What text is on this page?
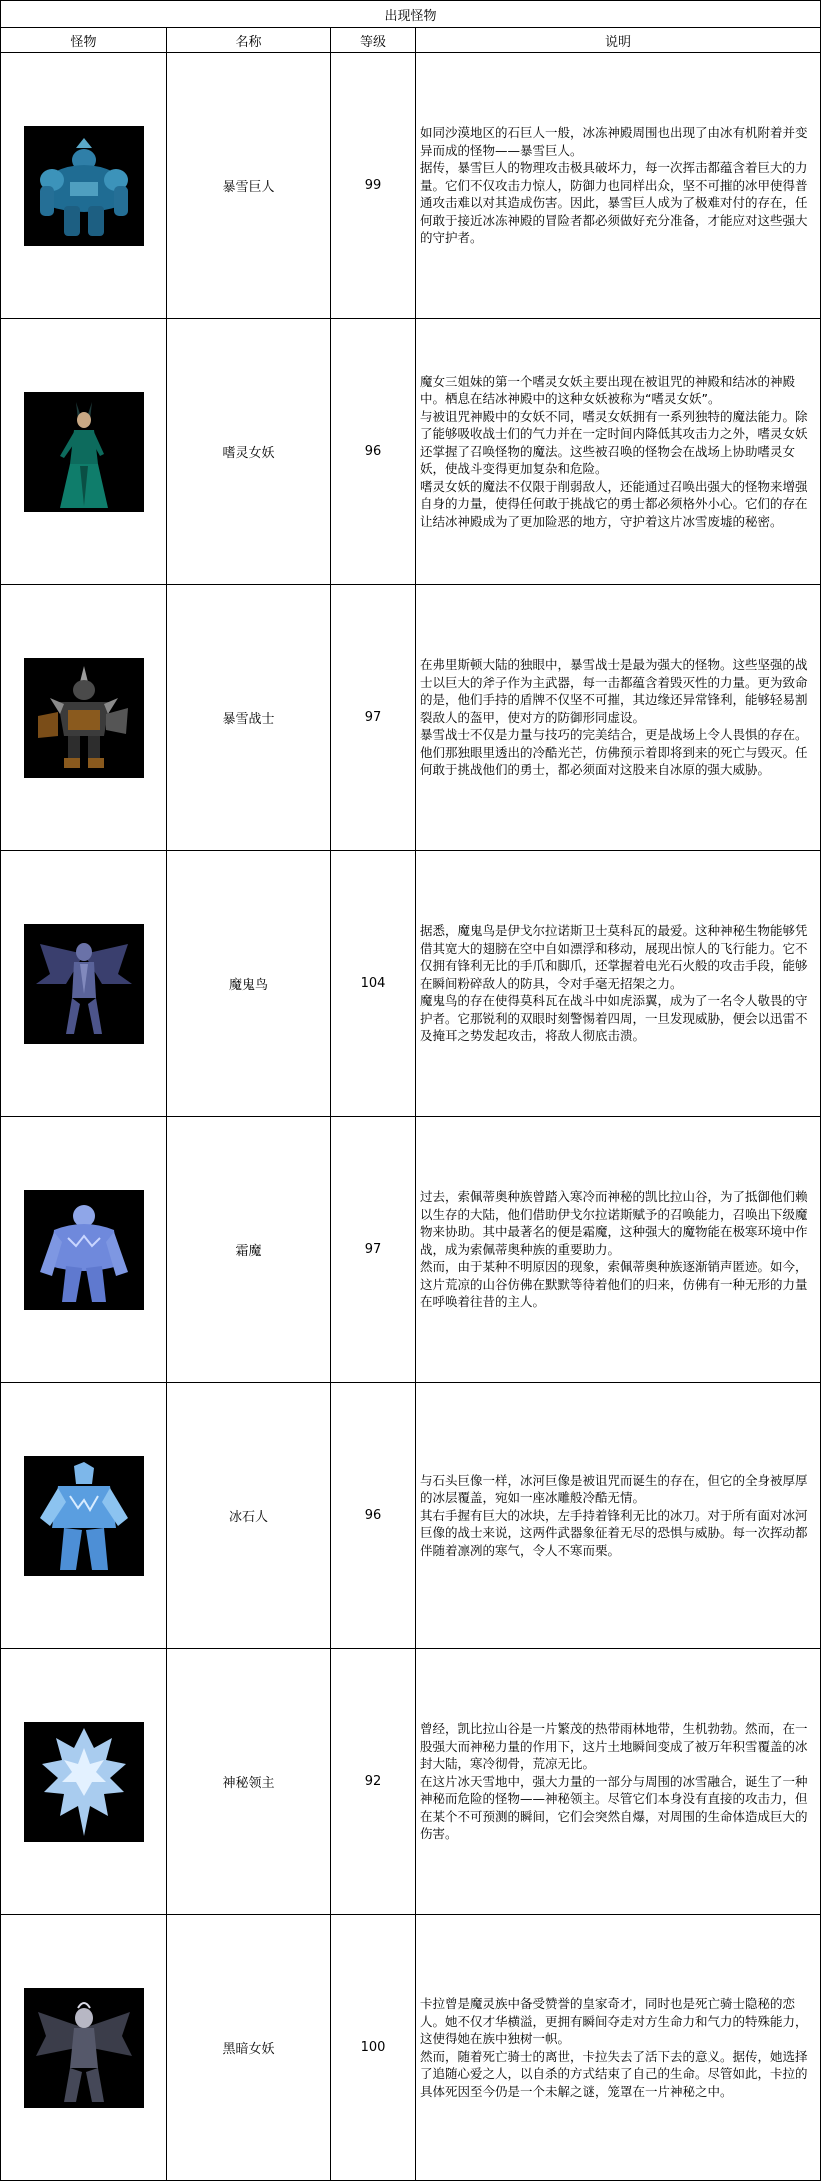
出现怪物			
怪物	名称	等级	说明

	暴雪巨人	99	如同沙漠地区的石巨人一般，冰冻神殿周围也出现了由冰有机附着并变异而成的怪物——暴雪巨人。

据传，暴雪巨人的物理攻击极具破坏力，每一次挥击都蕴含着巨大的力量。它们不仅攻击力惊人，防御力也同样出众，坚不可摧的冰甲使得普通攻击难以对其造成伤害。因此，暴雪巨人成为了极难对付的存在，任何敢于接近冰冻神殿的冒险者都必须做好充分准备，才能应对这些强大的守护者。

	嗜灵女妖	96	魔女三姐妹的第一个嗜灵女妖主要出现在被诅咒的神殿和结冰的神殿中。栖息在结冰神殿中的这种女妖被称为“嗜灵女妖”。

与被诅咒神殿中的女妖不同，嗜灵女妖拥有一系列独特的魔法能力。除了能够吸收战士们的气力并在一定时间内降低其攻击力之外，嗜灵女妖还掌握了召唤怪物的魔法。这些被召唤的怪物会在战场上协助嗜灵女妖，使战斗变得更加复杂和危险。

嗜灵女妖的魔法不仅限于削弱敌人，还能通过召唤出强大的怪物来增强自身的力量，使得任何敢于挑战它的勇士都必须格外小心。它们的存在让结冰神殿成为了更加险恶的地方，守护着这片冰雪废墟的秘密。

	暴雪战士	97	在弗里斯顿大陆的独眼中，暴雪战士是最为强大的怪物。这些坚强的战士以巨大的斧子作为主武器，每一击都蕴含着毁灭性的力量。更为致命的是，他们手持的盾牌不仅坚不可摧，其边缘还异常锋利，能够轻易割裂敌人的盔甲，使对方的防御形同虚设。

暴雪战士不仅是力量与技巧的完美结合，更是战场上令人畏惧的存在。他们那独眼里透出的冷酷光芒，仿佛预示着即将到来的死亡与毁灭。任何敢于挑战他们的勇士，都必须面对这股来自冰原的强大威胁。

	魔鬼鸟	104	据悉，魔鬼鸟是伊戈尔拉诺斯卫士莫科瓦的最爱。这种神秘生物能够凭借其宽大的翅膀在空中自如漂浮和移动，展现出惊人的飞行能力。它不仅拥有锋利无比的手爪和脚爪，还掌握着电光石火般的攻击手段，能够在瞬间粉碎敌人的防具，令对手毫无招架之力。

魔鬼鸟的存在使得莫科瓦在战斗中如虎添翼，成为了一名令人敬畏的守护者。它那锐利的双眼时刻警惕着四周，一旦发现威胁，便会以迅雷不及掩耳之势发起攻击，将敌人彻底击溃。

	霜魔	97	过去，索佩蒂奥种族曾踏入寒冷而神秘的凯比拉山谷，为了抵御他们赖以生存的大陆，他们借助伊戈尔拉诺斯赋予的召唤能力，召唤出下级魔物来协助。其中最著名的便是霜魔，这种强大的魔物能在极寒环境中作战，成为索佩蒂奥种族的重要助力。

然而，由于某种不明原因的现象，索佩蒂奥种族逐渐销声匿迹。如今，这片荒凉的山谷仿佛在默默等待着他们的归来，仿佛有一种无形的力量在呼唤着往昔的主人。

	冰石人	96	与石头巨像一样，冰河巨像是被诅咒而诞生的存在，但它的全身被厚厚的冰层覆盖，宛如一座冰雕般冷酷无情。

其右手握有巨大的冰块，左手持着锋利无比的冰刀。对于所有面对冰河巨像的战士来说，这两件武器象征着无尽的恐惧与威胁。每一次挥动都伴随着凛冽的寒气，令人不寒而栗。

	神秘领主	92	曾经，凯比拉山谷是一片繁茂的热带雨林地带，生机勃勃。然而，在一股强大而神秘力量的作用下，这片土地瞬间变成了被万年积雪覆盖的冰封大陆，寒冷彻骨，荒凉无比。

在这片冰天雪地中，强大力量的一部分与周围的冰雪融合，诞生了一种神秘而危险的怪物——神秘领主。尽管它们本身没有直接的攻击力，但在某个不可预测的瞬间，它们会突然自爆，对周围的生命体造成巨大的伤害。

	黑暗女妖	100	卡拉曾是魔灵族中备受赞誉的皇家奇才，同时也是死亡骑士隐秘的恋人。她不仅才华横溢，更拥有瞬间夺走对方生命力和气力的特殊能力，这使得她在族中独树一帜。

然而，随着死亡骑士的离世，卡拉失去了活下去的意义。据传，她选择了追随心爱之人，以自杀的方式结束了自己的生命。尽管如此，卡拉的具体死因至今仍是一个未解之谜，笼罩在一片神秘之中。
